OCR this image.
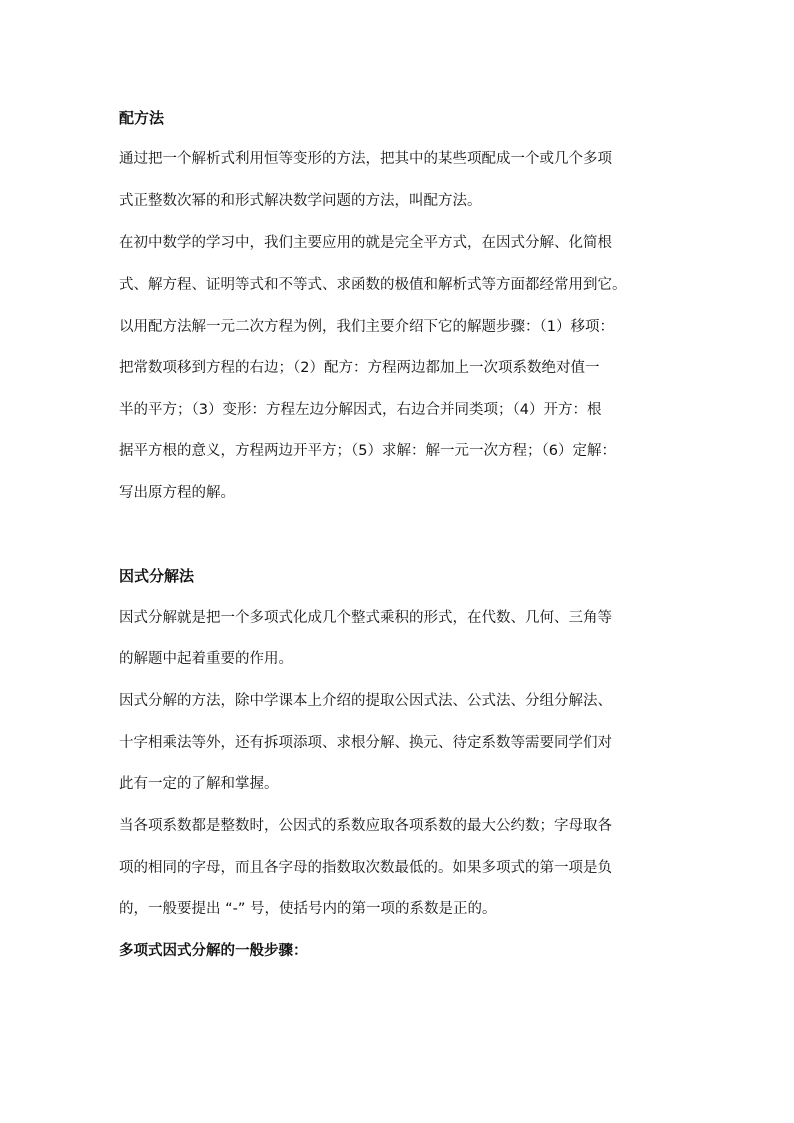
配方法
通过把一个解析式利用恒等变形的方法，把其中的某些项配成一个或几个多项
式正整数次幂的和形式解决数学问题的方法，叫配方法。
在初中数学的学习中，我们主要应用的就是完全平方式，在因式分解、化简根
式、解方程、证明等式和不等式、求函数的极值和解析式等方面都经常用到它。
以用配方法解一元二次方程为例，我们主要介绍下它的解题步骤：（1）移项：
把常数项移到方程的右边；（2）配方：方程两边都加上一次项系数绝对值一
半的平方；（3）变形：方程左边分解因式，右边合并同类项；（4）开方：根
据平方根的意义，方程两边开平方；（5）求解：解一元一次方程；（6）定解：
写出原方程的解。
因式分解法
因式分解就是把一个多项式化成几个整式乘积的形式，在代数、几何、三角等
的解题中起着重要的作用。
因式分解的方法，除中学课本上介绍的提取公因式法、公式法、分组分解法、
十字相乘法等外，还有拆项添项、求根分解、换元、待定系数等需要同学们对
此有一定的了解和掌握。
当各项系数都是整数时，公因式的系数应取各项系数的最大公约数；字母取各
项的相同的字母，而且各字母的指数取次数最低的。如果多项式的第一项是负
的，一般要提出 “-” 号，使括号内的第一项的系数是正的。
多项式因式分解的一般步骤：
